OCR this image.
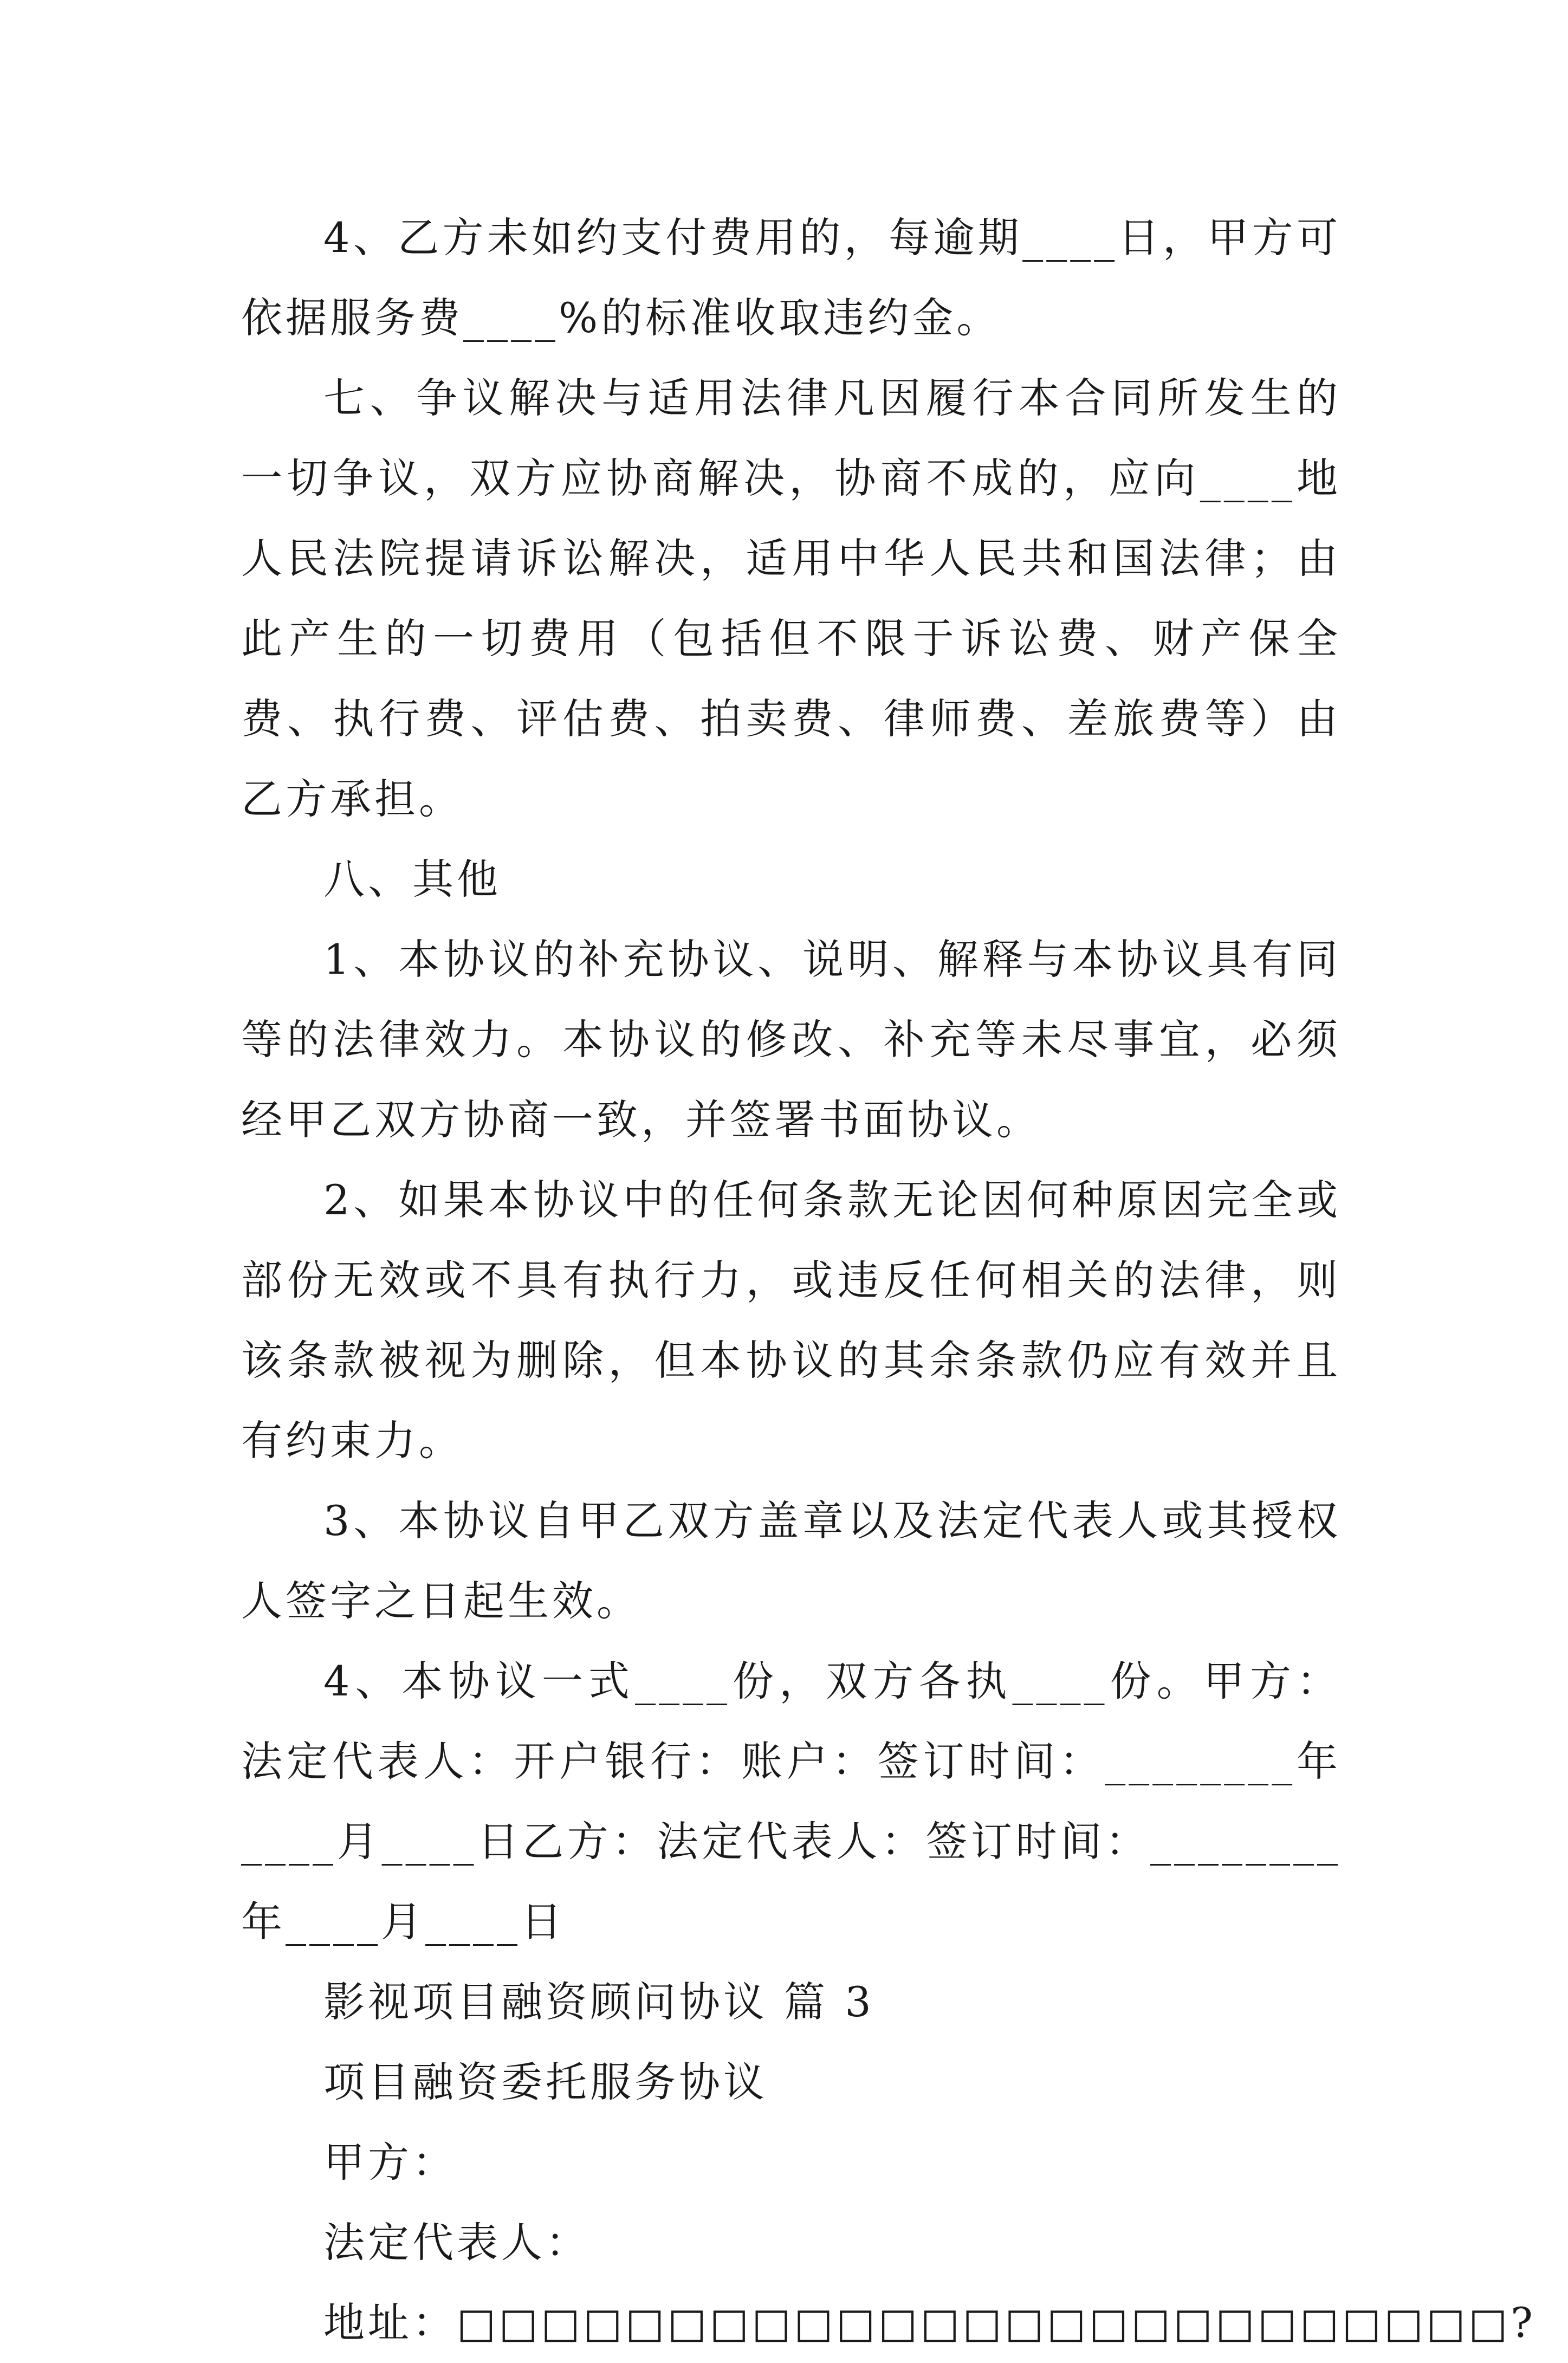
4、乙方未如约支付费用的，每逾期____日，甲方可依据服务费____%的标准收取违约金。

七、争议解决与适用法律凡因履行本合同所发生的一切争议，双方应协商解决，协商不成的，应向____地人民法院提请诉讼解决，适用中华人民共和国法律；由此产生的一切费用（包括但不限于诉讼费、财产保全费、执行费、评估费、拍卖费、律师费、差旅费等）由乙方承担。

八、其他

1、本协议的补充协议、说明、解释与本协议具有同等的法律效力。本协议的修改、补充等未尽事宜，必须经甲乙双方协商一致，并签署书面协议。

2、如果本协议中的任何条款无论因何种原因完全或部份无效或不具有执行力，或违反任何相关的法律，则该条款被视为删除，但本协议的其余条款仍应有效并且有约束力。

3、本协议自甲乙双方盖章以及法定代表人或其授权人签字之日起生效。

4、本协议一式____份，双方各执____份。甲方：法定代表人：开户银行：账户：签订时间：________年____月____日乙方：法定代表人：签订时间：________年____月____日

影视项目融资顾问协议 篇 3

项目融资委托服务协议

甲方：

法定代表人：

地址：□□□□□□□□□□□□□□□□□□□□□□□□□?
